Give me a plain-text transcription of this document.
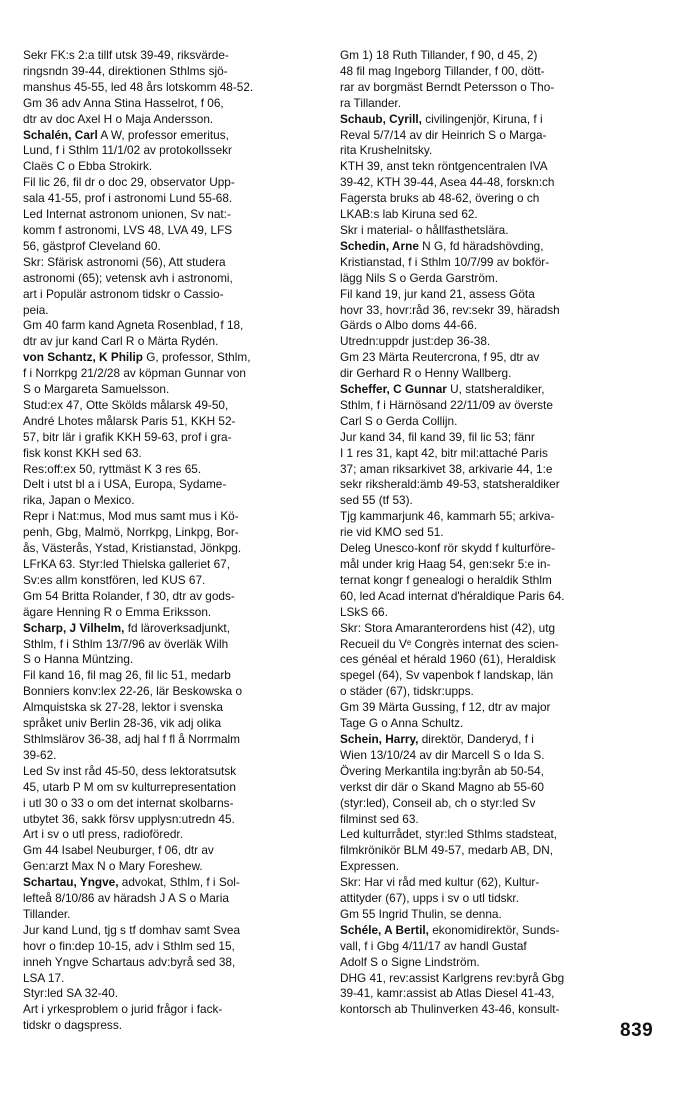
Sekr FK:s 2:a tillf utsk 39-49, riksvärde-
ringsndn 39-44, direktionen Sthlms sjö-
manshus 45-55, led 48 års lotskomm 48-52.
Gm 36 adv Anna Stina Hasselrot, f 06,
dtr av doc Axel H o Maja Andersson.
Schalén, Carl A W, professor emeritus,
Lund, f i Sthlm 11/1/02 av protokollssekr
Claës C o Ebba Strokirk.
Fil lic 26, fil dr o doc 29, observator Upp-
sala 41-55, prof i astronomi Lund 55-68.
Led Internat astronom unionen, Sv nat:-
komm f astronomi, LVS 48, LVA 49, LFS
56, gästprof Cleveland 60.
Skr: Sfärisk astronomi (56), Att studera
astronomi (65); vetensk avh i astronomi,
art i Populär astronom tidskr o Cassio-
peia.
Gm 40 farm kand Agneta Rosenblad, f 18,
dtr av jur kand Carl R o Märta Rydén.
von Schantz, K Philip G, professor, Sthlm,
f i Norrkpg 21/2/28 av köpman Gunnar von
S o Margareta Samuelsson.
Stud:ex 47, Otte Skölds målarsk 49-50,
André Lhotes målarsk Paris 51, KKH 52-
57, bitr lär i grafik KKH 59-63, prof i gra-
fisk konst KKH sed 63.
Res:off:ex 50, ryttmäst K 3 res 65.
Delt i utst bl a i USA, Europa, Sydame-
rika, Japan o Mexico.
Repr i Nat:mus, Mod mus samt mus i Kö-
penh, Gbg, Malmö, Norrkpg, Linkpg, Bor-
ås, Västerås, Ystad, Kristianstad, Jönkpg.
LFrKA 63. Styr:led Thielska galleriet 67,
Sv:es allm konstfören, led KUS 67.
Gm 54 Britta Rolander, f 30, dtr av gods-
ägare Henning R o Emma Eriksson.
Scharp, J Vilhelm, fd läroverksadjunkt,
Sthlm, f i Sthlm 13/7/96 av överläk Wilh
S o Hanna Müntzing.
Fil kand 16, fil mag 26, fil lic 51, medarb
Bonniers konv:lex 22-26, lär Beskowska o
Almquistska sk 27-28, lektor i svenska
språket univ Berlin 28-36, vik adj olika
Sthlmslärov 36-38, adj hal f fl å Norrmalm
39-62.
Led Sv inst råd 45-50, dess lektoratsutsk
45, utarb P M om sv kulturrepresentation
i utl 30 o 33 o om det internat skolbarns-
utbytet 36, sakk försv upplysn:utredn 45.
Art i sv o utl press, radioföredr.
Gm 44 Isabel Neuburger, f 06, dtr av
Gen:arzt Max N o Mary Foreshew.
Schartau, Yngve, advokat, Sthlm, f i Sol-
lefteå 8/10/86 av häradsh J A S o Maria
Tillander.
Jur kand Lund, tjg s tf domhav samt Svea
hovr o fin:dep 10-15, adv i Sthlm sed 15,
inneh Yngve Schartaus adv:byrå sed 38,
LSA 17.
Styr:led SA 32-40.
Art i yrkesproblem o jurid frågor i fack-
tidskr o dagspress.
Gm 1) 18 Ruth Tillander, f 90, d 45, 2)
48 fil mag Ingeborg Tillander, f 00, dött-
rar av borgmäst Berndt Petersson o Tho-
ra Tillander.
Schaub, Cyrill, civilingenjör, Kiruna, f i
Reval 5/7/14 av dir Heinrich S o Marga-
rita Krushelnitsky.
KTH 39, anst tekn röntgencentralen IVA
39-42, KTH 39-44, Asea 44-48, forskn:ch
Fagersta bruks ab 48-62, övering o ch
LKAB:s lab Kiruna sed 62.
Skr i material- o hållfasthetslära.
Schedin, Arne N G, fd häradshövding,
Kristianstad, f i Sthlm 10/7/99 av bokför-
lägg Nils S o Gerda Garström.
Fil kand 19, jur kand 21, assess Göta
hovr 33, hovr:råd 36, rev:sekr 39, häradsh
Gärds o Albo doms 44-66.
Utredn:uppdr just:dep 36-38.
Gm 23 Märta Reutercrona, f 95, dtr av
dir Gerhard R o Henny Wallberg.
Scheffer, C Gunnar U, statsheraldiker,
Sthlm, f i Härnösand 22/11/09 av överste
Carl S o Gerda Collijn.
Jur kand 34, fil kand 39, fil lic 53; fänr
I 1 res 31, kapt 42, bitr mil:attaché Paris
37; aman riksarkivet 38, arkivarie 44, 1:e
sekr riksherald:ämb 49-53, statsheraldiker
sed 55 (tf 53).
Tjg kammarjunk 46, kammarh 55; arkiva-
rie vid KMO sed 51.
Deleg Unesco-konf rör skydd f kulturföre-
mål under krig Haag 54, gen:sekr 5:e in-
ternat kongr f genealogi o heraldik Sthlm
60, led Acad internat d'héraldique Paris 64.
LSkS 66.
Skr: Stora Amaranterordens hist (42), utg
Recueil du Vᵉ Congrès internat des scien-
ces généal et hérald 1960 (61), Heraldisk
spegel (64), Sv vapenbok f landskap, län
o städer (67), tidskr:upps.
Gm 39 Märta Gussing, f 12, dtr av major
Tage G o Anna Schultz.
Schein, Harry, direktör, Danderyd, f i
Wien 13/10/24 av dir Marcell S o Ida S.
Övering Merkantila ing:byrån ab 50-54,
verkst dir där o Skand Magno ab 55-60
(styr:led), Conseil ab, ch o styr:led Sv
filminst sed 63.
Led kulturrådet, styr:led Sthlms stadsteat,
filmkrönikör BLM 49-57, medarb AB, DN,
Expressen.
Skr: Har vi råd med kultur (62), Kultur-
attityder (67), upps i sv o utl tidskr.
Gm 55 Ingrid Thulin, se denna.
Schéle, A Bertil, ekonomidirektör, Sunds-
vall, f i Gbg 4/11/17 av handl Gustaf
Adolf S o Signe Lindström.
DHG 41, rev:assist Karlgrens rev:byrå Gbg
39-41, kamr:assist ab Atlas Diesel 41-43,
kontorsch ab Thulinverken 43-46, konsult-
839
